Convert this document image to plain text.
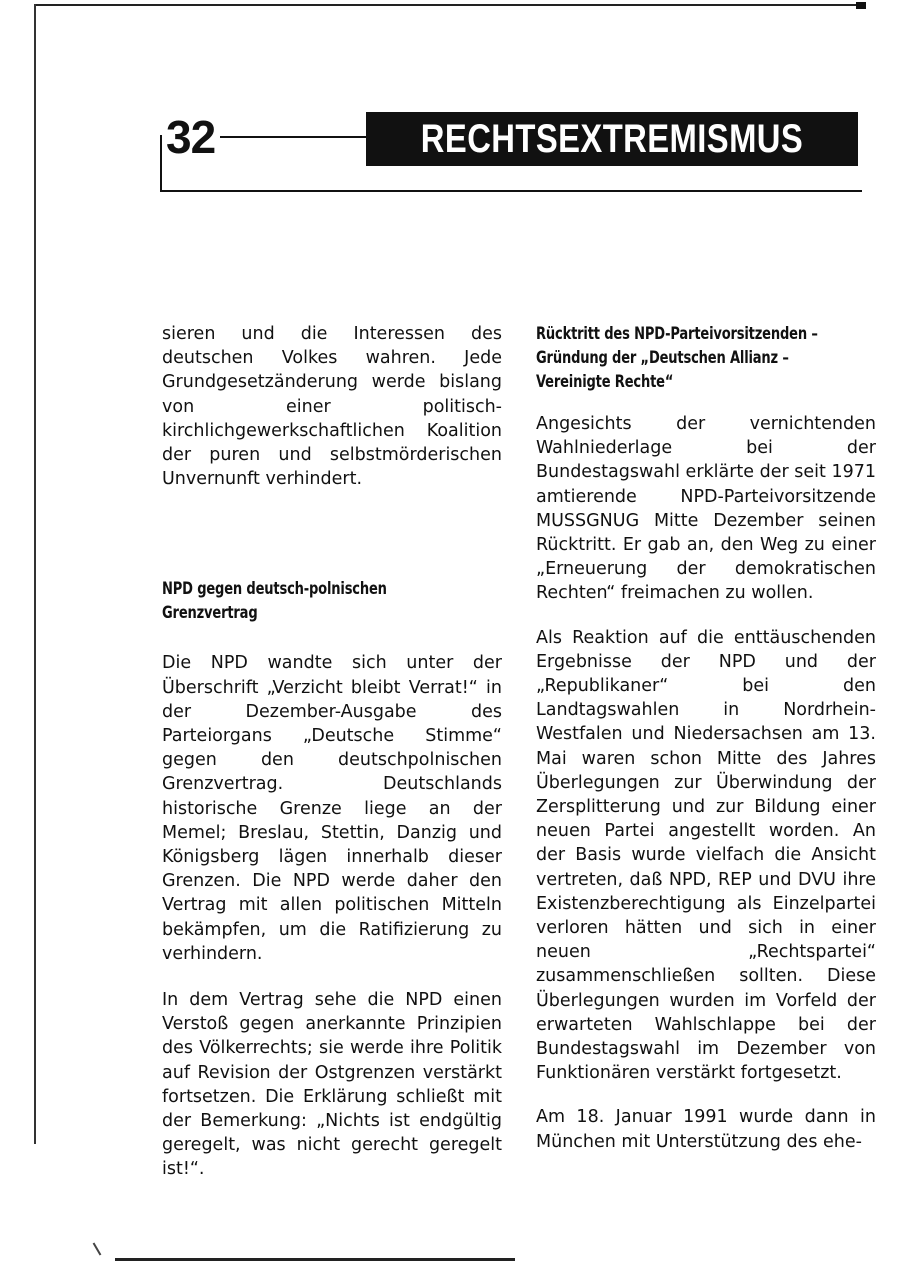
32	RECHTSEXTREMISMUS

sieren und die Interessen des deutschen Volkes wahren. Jede Grundgesetzänderung werde bislang von einer politisch-kirchlichgewerkschaftlichen Koalition der puren und selbstmörderischen Unvernunft verhindert.

NPD gegen deutsch-polnischen Grenzvertrag

Die NPD wandte sich unter der Überschrift „Verzicht bleibt Verrat!“ in der Dezember-Ausgabe des Parteiorgans „Deutsche Stimme“ gegen den deutschpolnischen Grenzvertrag. Deutschlands historische Grenze liege an der Memel; Breslau, Stettin, Danzig und Königsberg lägen innerhalb dieser Grenzen. Die NPD werde daher den Vertrag mit allen politischen Mitteln bekämpfen, um die Ratifizierung zu verhindern.

In dem Vertrag sehe die NPD einen Verstoß gegen anerkannte Prinzipien des Völkerrechts; sie werde ihre Politik auf Revision der Ostgrenzen verstärkt fortsetzen. Die Erklärung schließt mit der Bemerkung: „Nichts ist endgültig geregelt, was nicht gerecht geregelt ist!“.

Rücktritt des NPD-Parteivorsitzenden – Gründung der „Deutschen Allianz – Vereinigte Rechte“

Angesichts der vernichtenden Wahlniederlage bei der Bundestagswahl erklärte der seit 1971 amtierende NPD-Parteivorsitzende MUSSGNUG Mitte Dezember seinen Rücktritt. Er gab an, den Weg zu einer „Erneuerung der demokratischen Rechten“ freimachen zu wollen.

Als Reaktion auf die enttäuschenden Ergebnisse der NPD und der „Republikaner“ bei den Landtagswahlen in Nordrhein-Westfalen und Niedersachsen am 13. Mai waren schon Mitte des Jahres Überlegungen zur Überwindung der Zersplitterung und zur Bildung einer neuen Partei angestellt worden. An der Basis wurde vielfach die Ansicht vertreten, daß NPD, REP und DVU ihre Existenzberechtigung als Einzelpartei verloren hätten und sich in einer neuen „Rechtspartei“ zusammenschließen sollten. Diese Überlegungen wurden im Vorfeld der erwarteten Wahlschlappe bei der Bundestagswahl im Dezember von Funktionären verstärkt fortgesetzt.

Am 18. Januar 1991 wurde dann in München mit Unterstützung des ehe-
